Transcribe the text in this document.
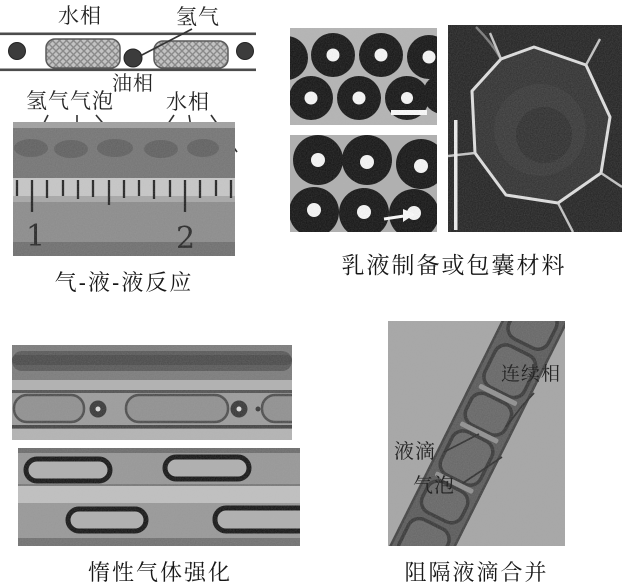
水相	氢气
油相
氢气气泡 水相
气-液-液反应
乳液制备或包囊材料
惰性气体强化
连续相
液滴
气泡
阻隔液滴合并
